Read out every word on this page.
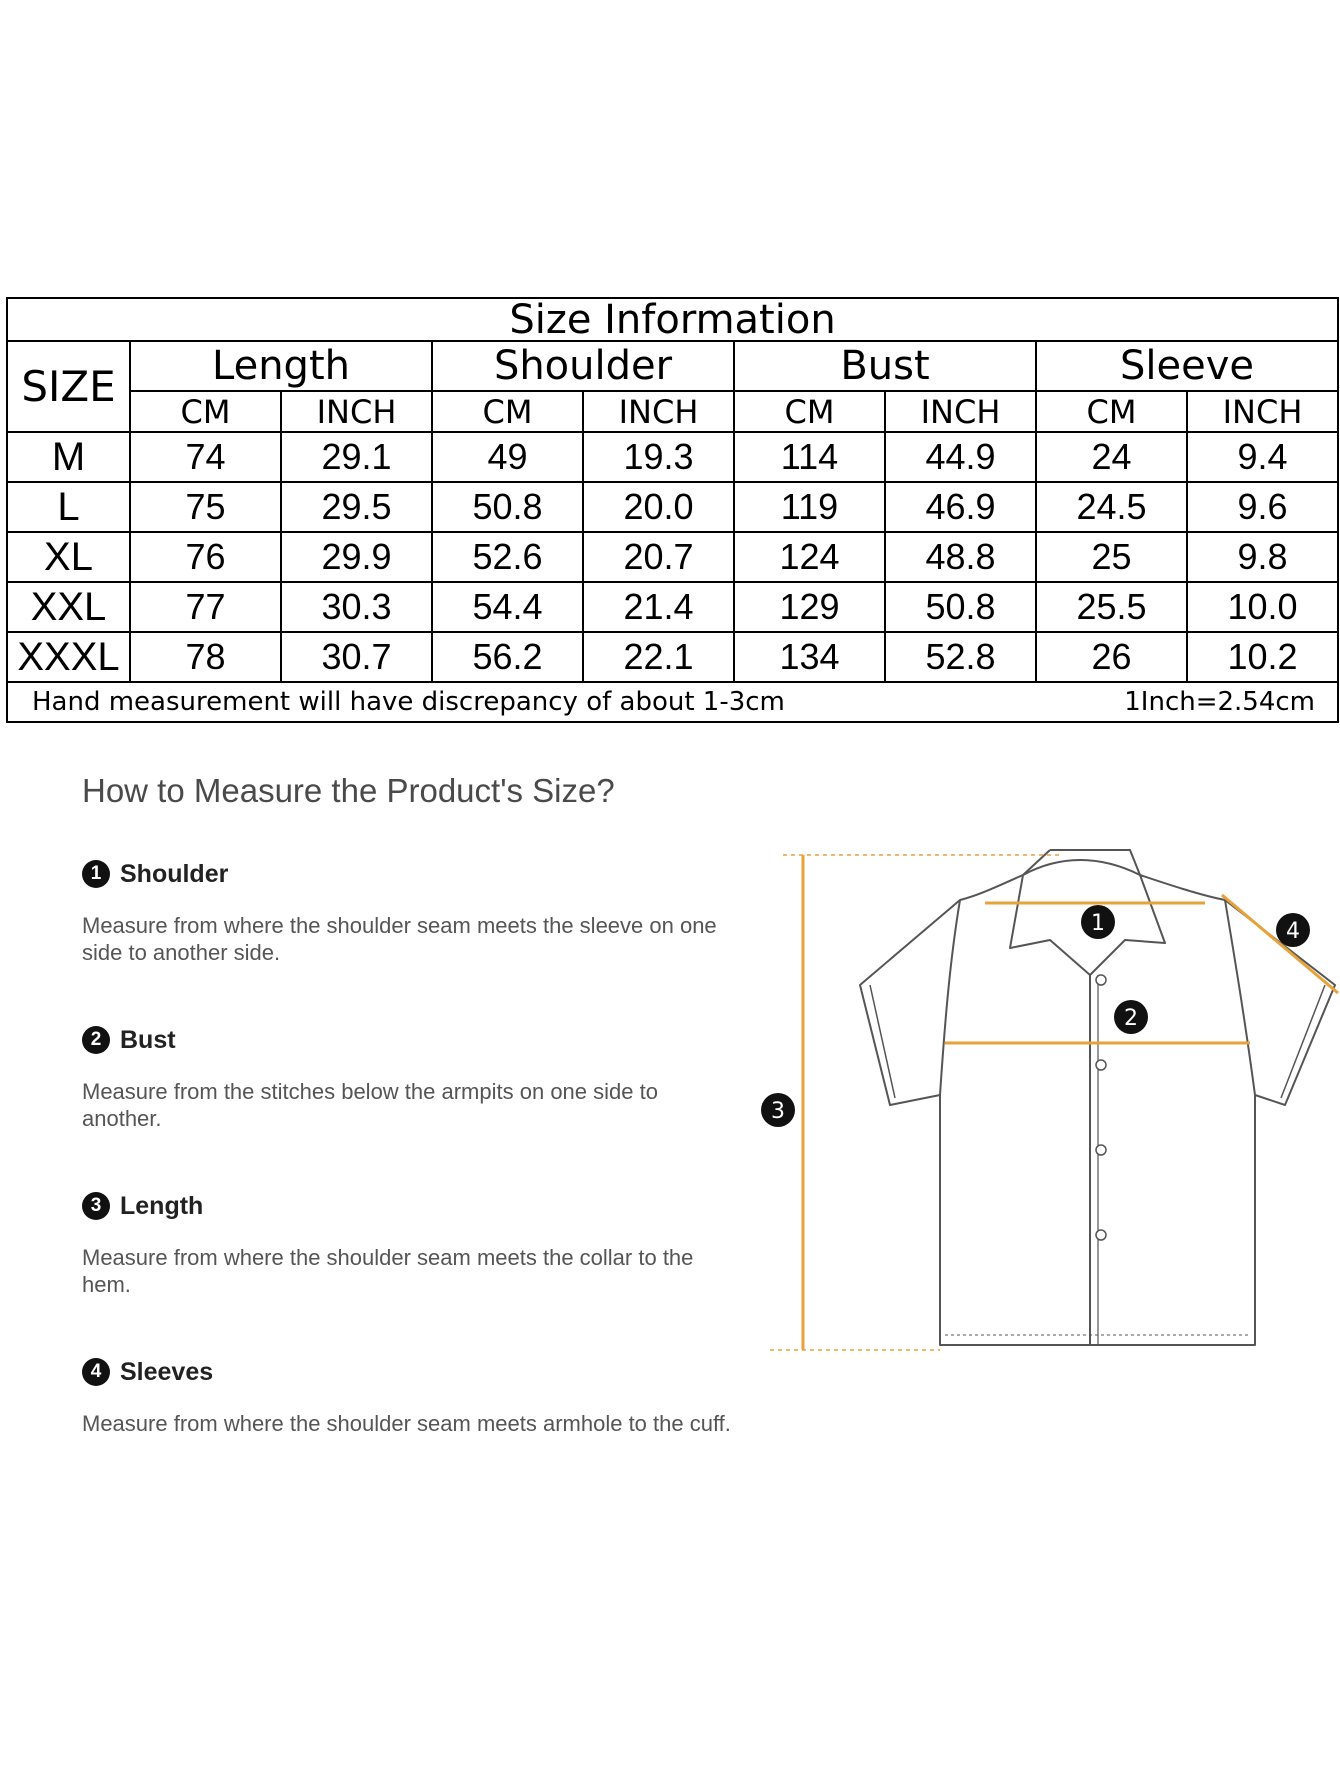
Size Information								
SIZE	Length		Shoulder		Bust		Sleeve	
	CM	INCH	CM	INCH	CM	INCH	CM	INCH
M	74	29.1	49	19.3	114	44.9	24	9.4
L	75	29.5	50.8	20.0	119	46.9	24.5	9.6
XL	76	29.9	52.6	20.7	124	48.8	25	9.8
XXL	77	30.3	54.4	21.4	129	50.8	25.5	10.0
XXXL	78	30.7	56.2	22.1	134	52.8	26	10.2

Hand measurement will have discrepancy of about 1-3cm 1Inch=2.54cm								
How to Measure the Product's Size?
1 Shoulder

Measure from where the shoulder seam meets the sleeve on one side to another side.

2 Bust

Measure from the stitches below the armpits on one side to another.

3 Length

Measure from where the shoulder seam meets the collar to the hem.

4 Sleeves

Measure from where the shoulder seam meets armhole to the cuff.

1
2
3
4
